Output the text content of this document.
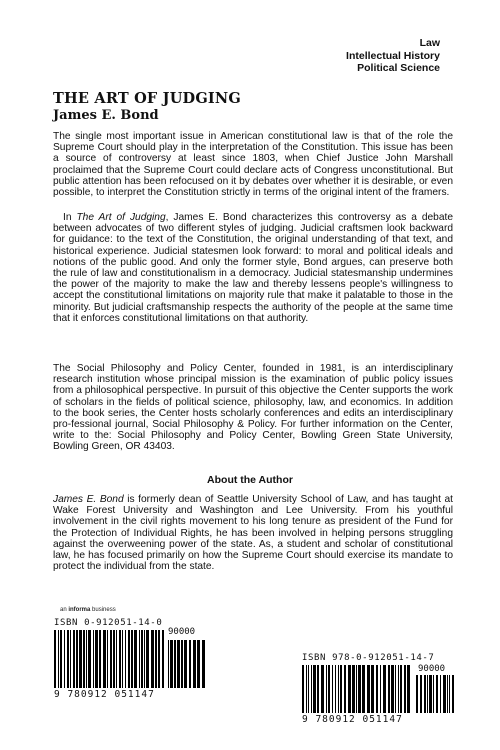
Law
Intellectual History
Political Science
THE ART OF JUDGING
James E. Bond

The single most important issue in American constitutional law is that of the role the Supreme Court should play in the interpretation of the Constitution. This issue has been a source of controversy at least since 1803, when Chief Justice John Marshall proclaimed that the Supreme Court could declare acts of Congress unconstitutional. But public attention has been refocused on it by debates over whether it is desirable, or even possible, to interpret the Constitution strictly in terms of the original intent of the framers.

In The Art of Judging, James E. Bond characterizes this controversy as a debate between advocates of two different styles of judging. Judicial craftsmen look backward for guidance: to the text of the Constitution, the original understanding of that text, and historical experience. Judicial statesmen look forward: to moral and political ideals and notions of the public good. And only the former style, Bond argues, can preserve both the rule of law and constitutionalism in a democracy. Judicial statesmanship undermines the power of the majority to make the law and thereby lessens people's willingness to accept the constitutional limitations on majority rule that make it palatable to those in the minority. But judicial craftsmanship respects the authority of the people at the same time that it enforces constitutional limitations on that authority.

The Social Philosophy and Policy Center, founded in 1981, is an interdisciplinary research institution whose principal mission is the examination of public policy issues from a philosophical perspective. In pursuit of this objective the Center supports the work of scholars in the fields of political science, philosophy, law, and economics. In addition to the book series, the Center hosts scholarly conferences and edits an interdisciplinary pro-fessional journal, Social Philosophy & Policy. For further information on the Center, write to the: Social Philosophy and Policy Center, Bowling Green State University, Bowling Green, OR 43403.

About the Author

James E. Bond is formerly dean of Seattle University School of Law, and has taught at Wake Forest University and Washington and Lee University. From his youthful involvement in the civil rights movement to his long tenure as president of the Fund for the Protection of Individual Rights, he has been involved in helping persons struggling against the overweening power of the state. As, a student and scholar of constitutional law, he has focused primarily on how the Supreme Court should exercise its mandate to protect the individual from the state.

an informa business
ISBN 0-912051-14-0
9 780912 051147
90000
ISBN 978-0-912051-14-7
9 780912 051147
90000
